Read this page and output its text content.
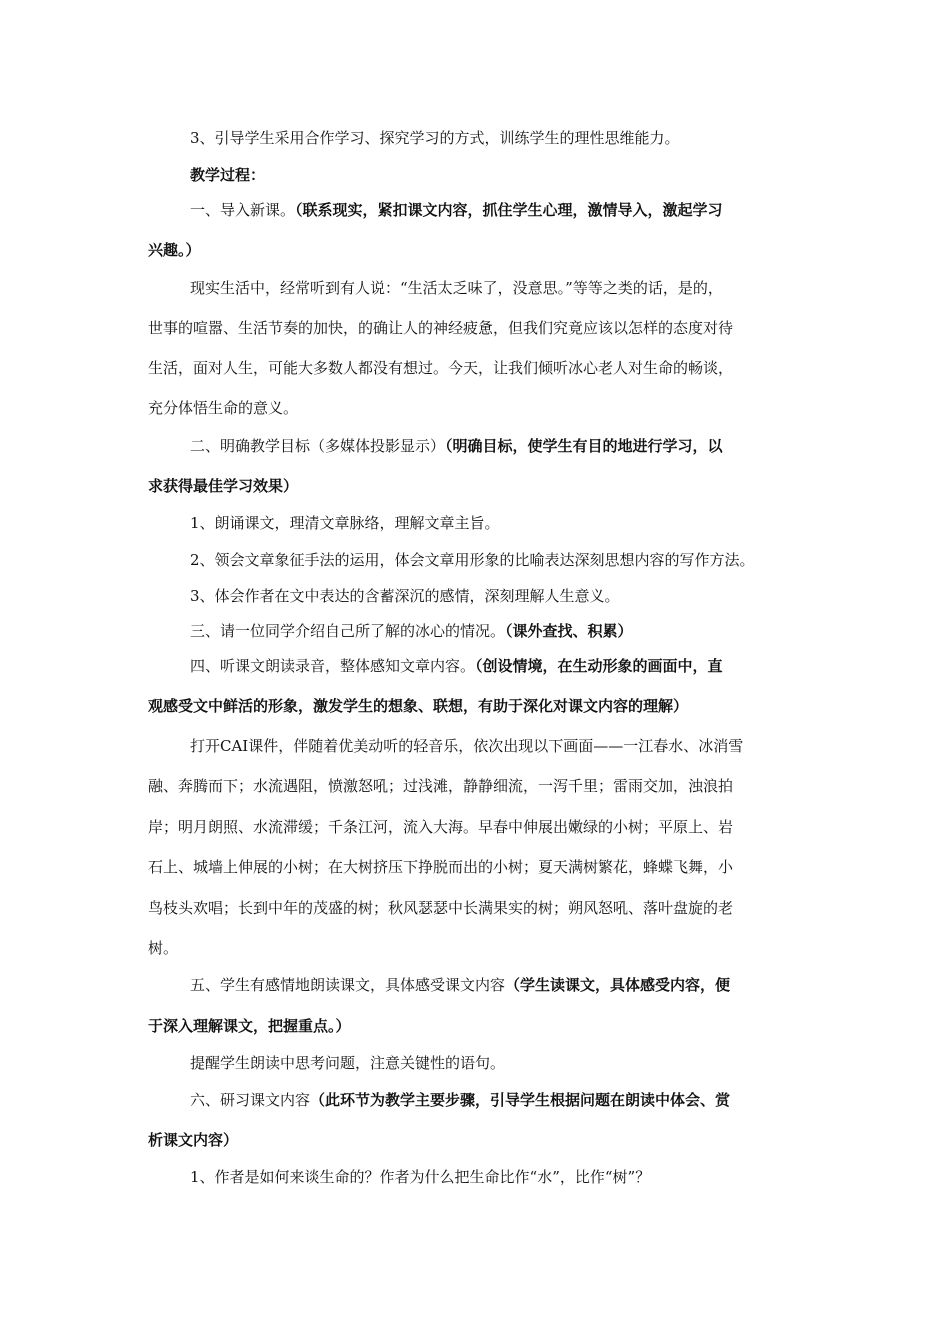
3、引导学生采用合作学习、探究学习的方式，训练学生的理性思维能力。
教学过程：
一、导入新课。（联系现实，紧扣课文内容，抓住学生心理，激情导入，激起学习
兴趣。）
现实生活中，经常听到有人说：“生活太乏味了，没意思。”等等之类的话，是的，
世事的喧嚣、生活节奏的加快，的确让人的神经疲惫，但我们究竟应该以怎样的态度对待
生活，面对人生，可能大多数人都没有想过。今天，让我们倾听冰心老人对生命的畅谈，
充分体悟生命的意义。
二、明确教学目标（多媒体投影显示）（明确目标，使学生有目的地进行学习，以
求获得最佳学习效果）
1、朗诵课文，理清文章脉络，理解文章主旨。
2、领会文章象征手法的运用，体会文章用形象的比喻表达深刻思想内容的写作方法。
3、体会作者在文中表达的含蓄深沉的感情，深刻理解人生意义。
三、请一位同学介绍自己所了解的冰心的情况。（课外查找、积累）
四、听课文朗读录音，整体感知文章内容。（创设情境，在生动形象的画面中，直
观感受文中鲜活的形象，激发学生的想象、联想，有助于深化对课文内容的理解）
打开CAI课件，伴随着优美动听的轻音乐，依次出现以下画面——一江春水、冰消雪
融、奔腾而下；水流遇阻，愤激怒吼；过浅滩，静静细流，一泻千里；雷雨交加，浊浪拍
岸；明月朗照、水流滞缓；千条江河，流入大海。早春中伸展出嫩绿的小树；平原上、岩
石上、城墙上伸展的小树；在大树挤压下挣脱而出的小树；夏天满树繁花，蜂蝶飞舞，小
鸟枝头欢唱；长到中年的茂盛的树；秋风瑟瑟中长满果实的树；朔风怒吼、落叶盘旋的老
树。
五、学生有感情地朗读课文，具体感受课文内容（学生读课文，具体感受内容，便
于深入理解课文，把握重点。）
提醒学生朗读中思考问题，注意关键性的语句。
六、研习课文内容（此环节为教学主要步骤，引导学生根据问题在朗读中体会、赏
析课文内容）
1、作者是如何来谈生命的？作者为什么把生命比作“水”，比作“树”？
